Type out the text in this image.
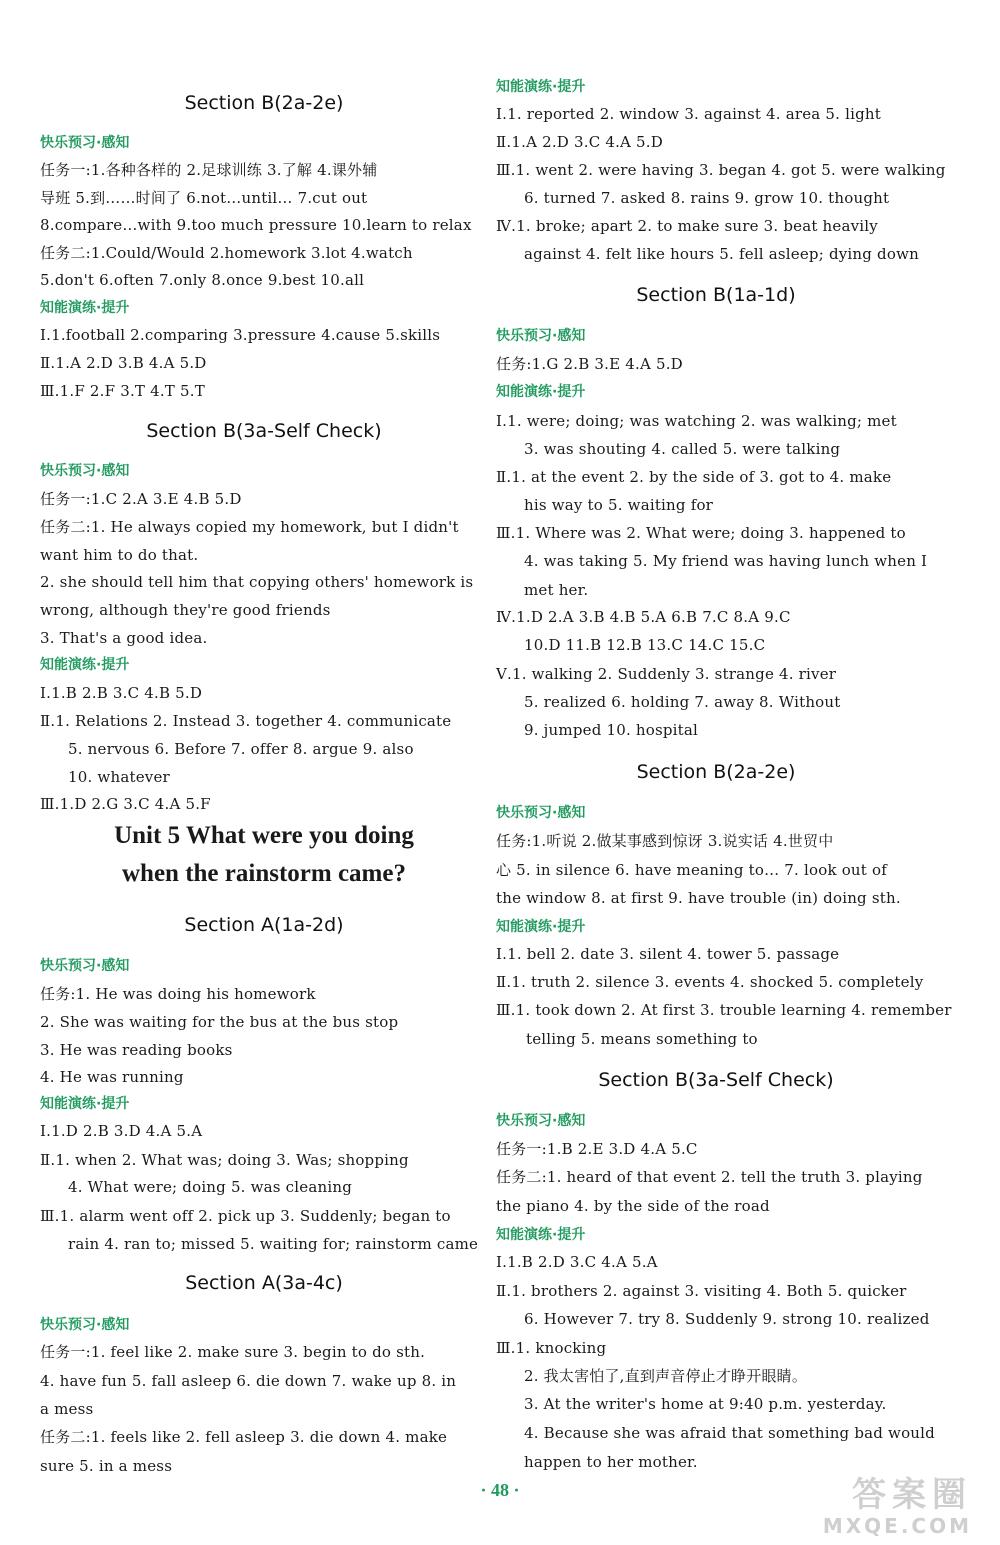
Section B(2a-2e)
快乐预习·感知
任务一:1.各种各样的 2.足球训练 3.了解 4.课外辅
导班 5.到……时间了 6.not…until… 7.cut out
8.compare…with 9.too much pressure 10.learn to relax
任务二:1.Could/Would 2.homework 3.lot 4.watch
5.don't 6.often 7.only 8.once 9.best 10.all
知能演练·提升
Ⅰ.1.football 2.comparing 3.pressure 4.cause 5.skills
Ⅱ.1.A 2.D 3.B 4.A 5.D
Ⅲ.1.F 2.F 3.T 4.T 5.T
Section B(3a-Self Check)
快乐预习·感知
任务一:1.C 2.A 3.E 4.B 5.D
任务二:1. He always copied my homework, but I didn't
want him to do that.
2. she should tell him that copying others' homework is
wrong, although they're good friends
3. That's a good idea.
知能演练·提升
Ⅰ.1.B 2.B 3.C 4.B 5.D
Ⅱ.1. Relations 2. Instead 3. together 4. communicate
5. nervous 6. Before 7. offer 8. argue 9. also
10. whatever
Ⅲ.1.D 2.G 3.C 4.A 5.F
Unit 5 What were you doing
when the rainstorm came?
Section A(1a-2d)
快乐预习·感知
任务:1. He was doing his homework
2. She was waiting for the bus at the bus stop
3. He was reading books
4. He was running
知能演练·提升
Ⅰ.1.D 2.B 3.D 4.A 5.A
Ⅱ.1. when 2. What was; doing 3. Was; shopping
4. What were; doing 5. was cleaning
Ⅲ.1. alarm went off 2. pick up 3. Suddenly; began to
rain 4. ran to; missed 5. waiting for; rainstorm came
Section A(3a-4c)
快乐预习·感知
任务一:1. feel like 2. make sure 3. begin to do sth.
4. have fun 5. fall asleep 6. die down 7. wake up 8. in
a mess
任务二:1. feels like 2. fell asleep 3. die down 4. make
sure 5. in a mess
知能演练·提升
Ⅰ.1. reported 2. window 3. against 4. area 5. light
Ⅱ.1.A 2.D 3.C 4.A 5.D
Ⅲ.1. went 2. were having 3. began 4. got 5. were walking
6. turned 7. asked 8. rains 9. grow 10. thought
Ⅳ.1. broke; apart 2. to make sure 3. beat heavily
against 4. felt like hours 5. fell asleep; dying down
Section B(1a-1d)
快乐预习·感知
任务:1.G 2.B 3.E 4.A 5.D
知能演练·提升
Ⅰ.1. were; doing; was watching 2. was walking; met
3. was shouting 4. called 5. were talking
Ⅱ.1. at the event 2. by the side of 3. got to 4. make
his way to 5. waiting for
Ⅲ.1. Where was 2. What were; doing 3. happened to
4. was taking 5. My friend was having lunch when I
met her.
Ⅳ.1.D 2.A 3.B 4.B 5.A 6.B 7.C 8.A 9.C
10.D 11.B 12.B 13.C 14.C 15.C
Ⅴ.1. walking 2. Suddenly 3. strange 4. river
5. realized 6. holding 7. away 8. Without
9. jumped 10. hospital
Section B(2a-2e)
快乐预习·感知
任务:1.听说 2.做某事感到惊讶 3.说实话 4.世贸中
心 5. in silence 6. have meaning to… 7. look out of
the window 8. at first 9. have trouble (in) doing sth.
知能演练·提升
Ⅰ.1. bell 2. date 3. silent 4. tower 5. passage
Ⅱ.1. truth 2. silence 3. events 4. shocked 5. completely
Ⅲ.1. took down 2. At first 3. trouble learning 4. remember
telling 5. means something to
Section B(3a-Self Check)
快乐预习·感知
任务一:1.B 2.E 3.D 4.A 5.C
任务二:1. heard of that event 2. tell the truth 3. playing
the piano 4. by the side of the road
知能演练·提升
Ⅰ.1.B 2.D 3.C 4.A 5.A
Ⅱ.1. brothers 2. against 3. visiting 4. Both 5. quicker
6. However 7. try 8. Suddenly 9. strong 10. realized
Ⅲ.1. knocking
2. 我太害怕了,直到声音停止才睁开眼睛。
3. At the writer's home at 9:40 p.m. yesterday.
4. Because she was afraid that something bad would
happen to her mother.
· 48 ·	答案圈
MXQE.COM
